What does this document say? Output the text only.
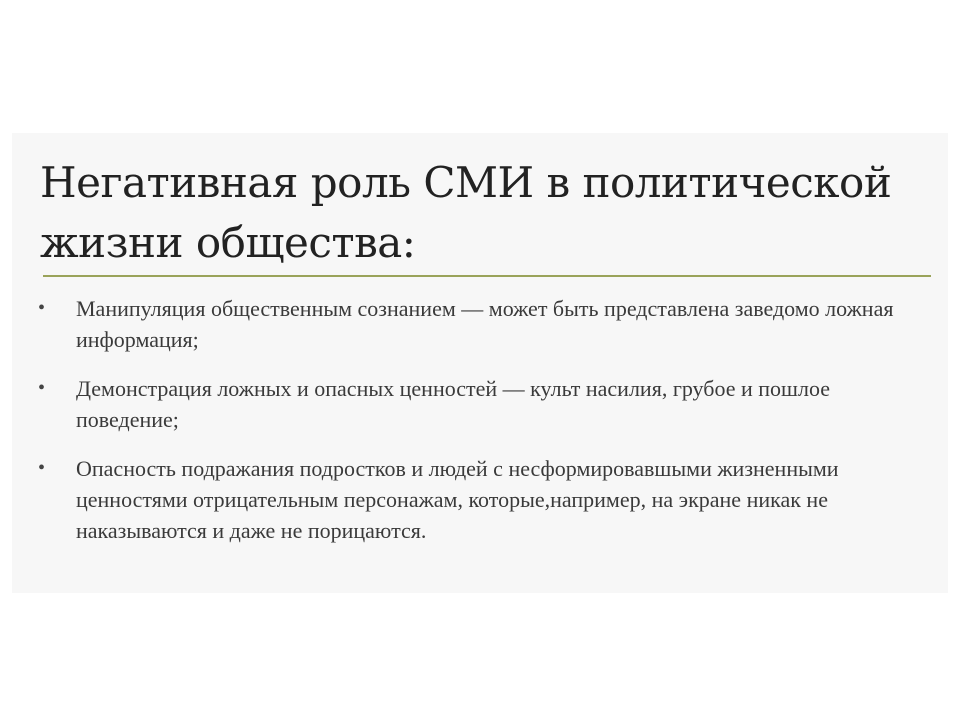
Негативная роль СМИ в политической
жизни общества:
•	Манипуляция общественным сознанием — может быть представлена заведомо ложная информация;
•	Демонстрация ложных и опасных ценностей — культ насилия, грубое и пошлое поведение;
•	Опасность подражания подростков и людей с несформировавшыми жизненными ценностями отрицательным персонажам, которые,например, на экране никак не наказываются и даже не порицаются.
